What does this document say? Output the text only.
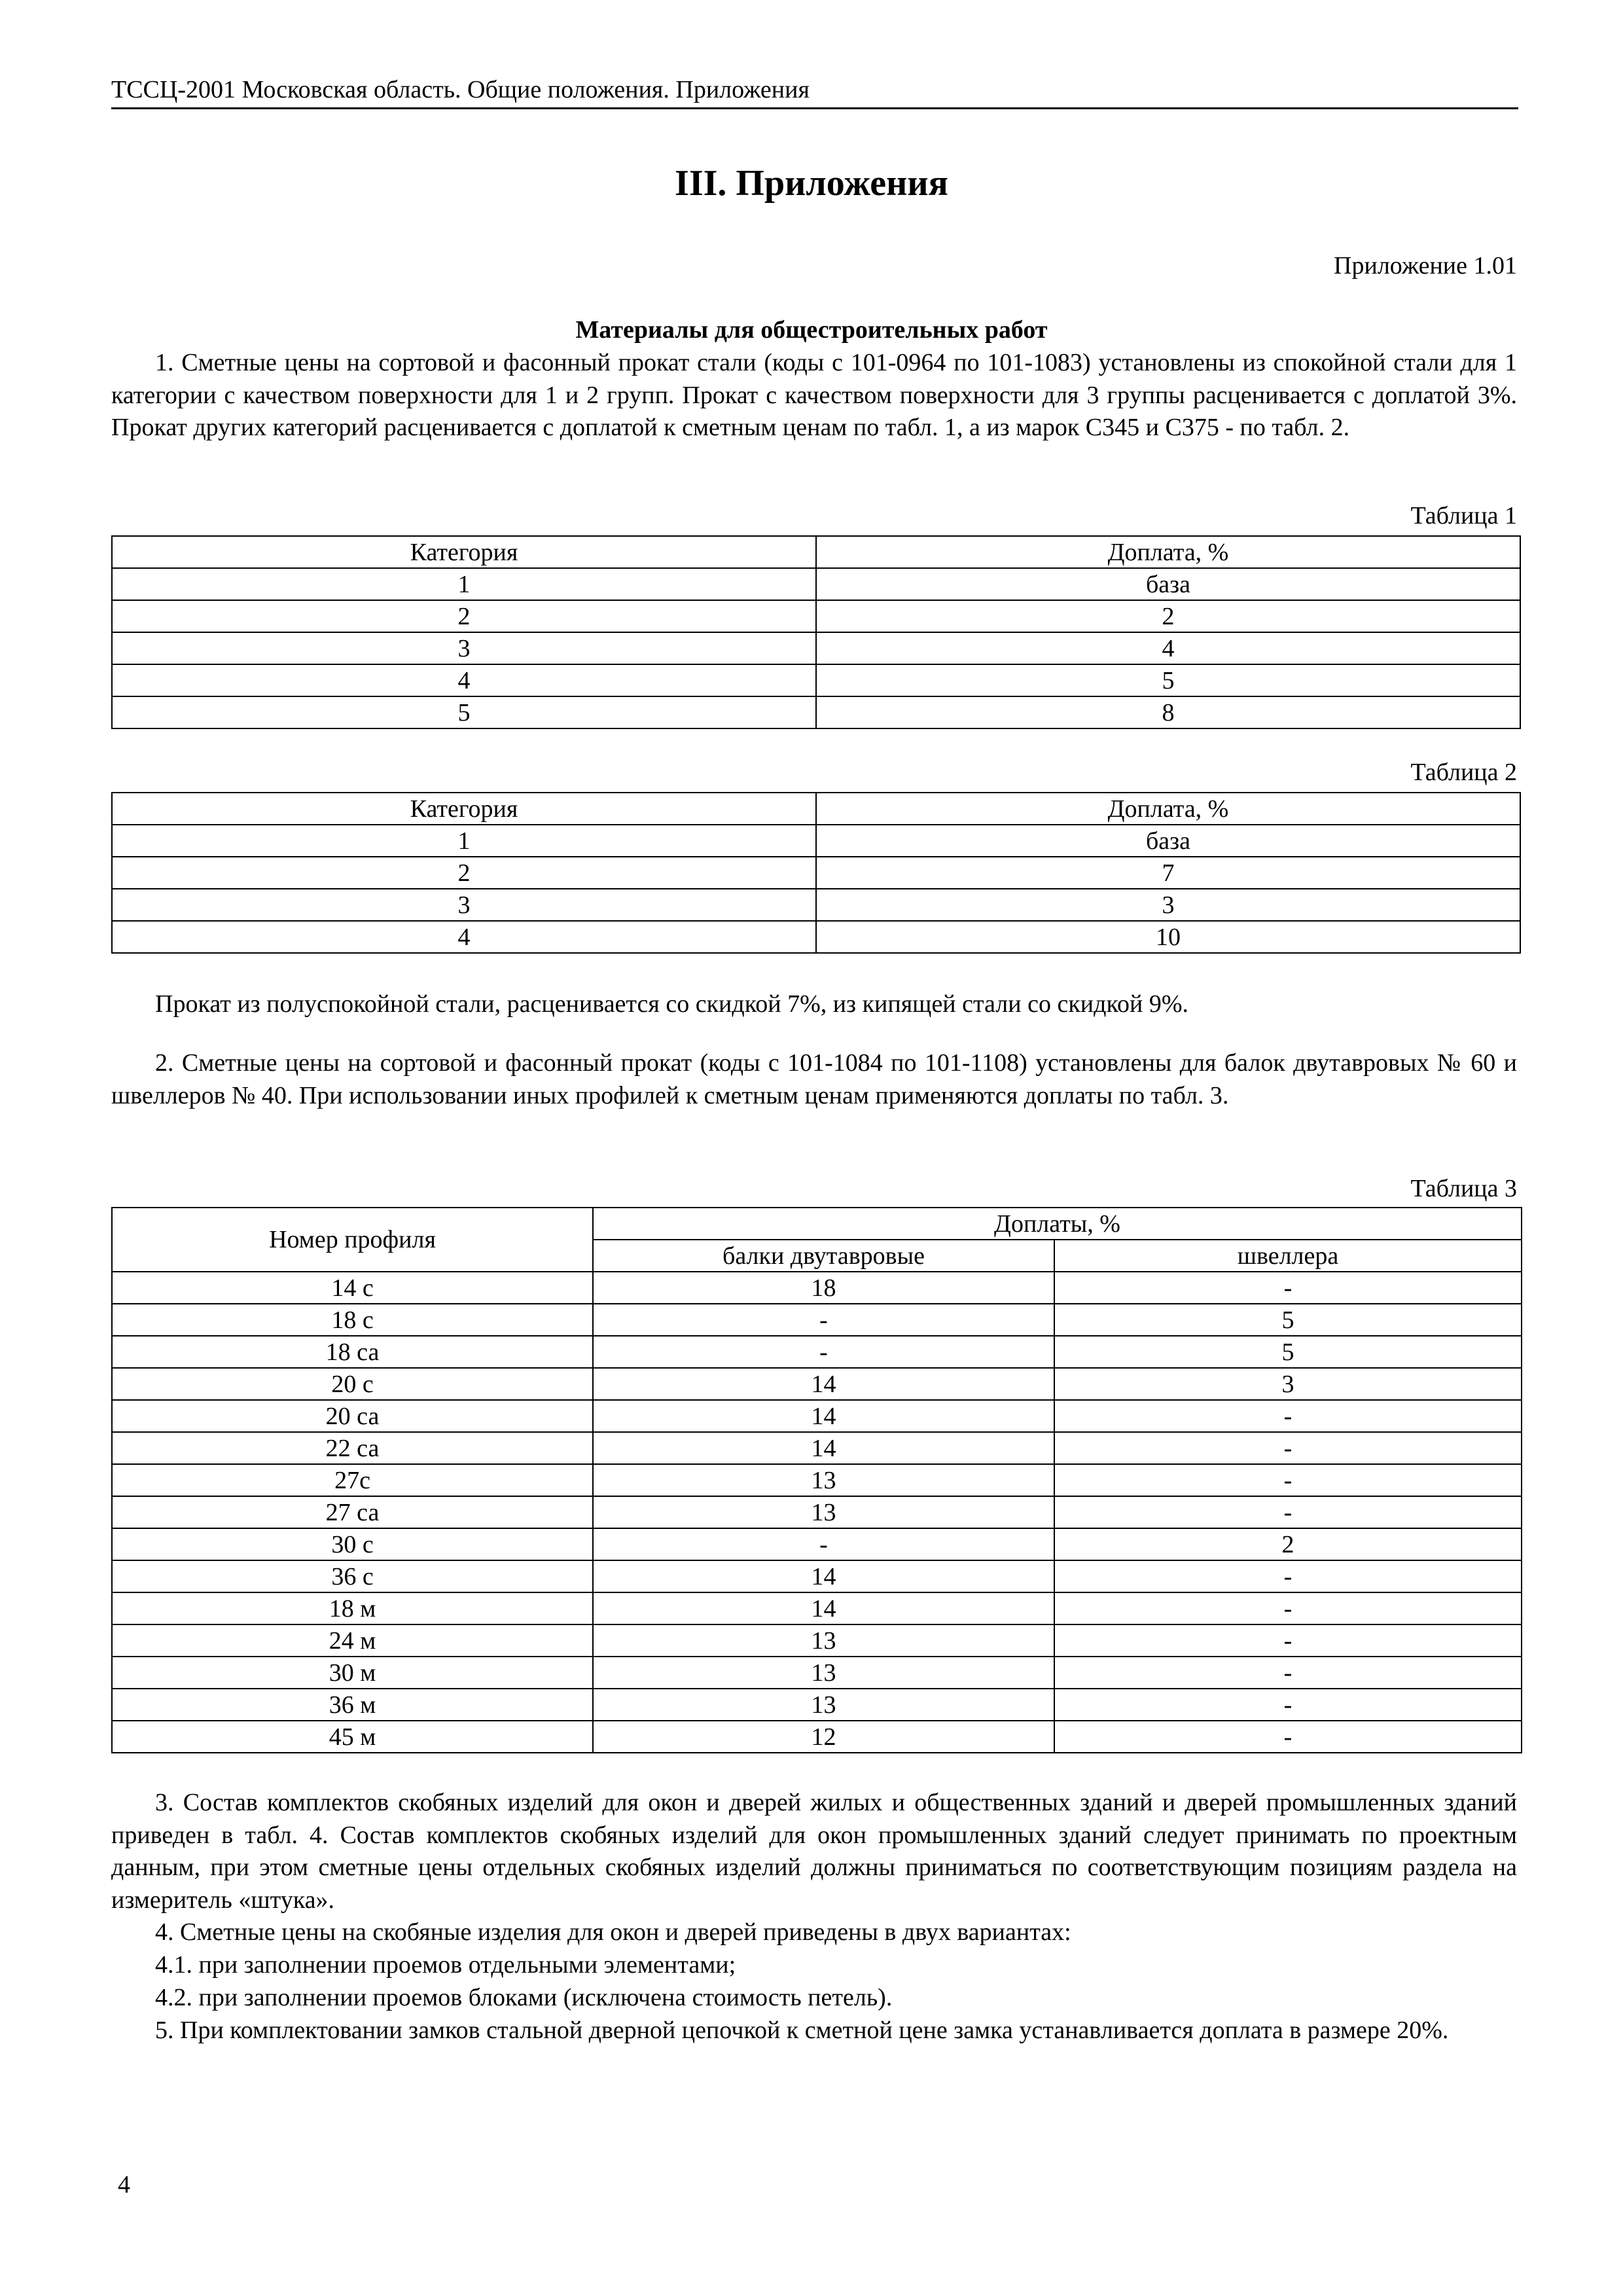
ТССЦ-2001 Московская область. Общие положения. Приложения
III. Приложения
Приложение 1.01
Материалы для общестроительных работ

1. Сметные цены на сортовой и фасонный прокат стали (коды с 101-0964 по 101-1083) установлены из спокойной стали для 1 категории с качеством поверхности для 1 и 2 групп. Прокат с качеством поверхности для 3 группы расценивается с доплатой 3%. Прокат других категорий расценивается с доплатой к сметным ценам по табл. 1, а из марок С345 и С375 - по табл. 2.

Таблица 1
Категория	Доплата, %
1	база
2	2
3	4
4	5
5	8
Таблица 2
Категория	Доплата, %
1	база
2	7
3	3
4	10

Прокат из полуспокойной стали, расценивается со скидкой 7%, из кипящей стали со скидкой 9%.

2. Сметные цены на сортовой и фасонный прокат (коды с 101-1084 по 101-1108) установлены для балок двутавровых № 60 и швеллеров № 40. При использовании иных профилей к сметным ценам применяются доплаты по табл. 3.

Таблица 3
Номер профиля	Доплаты, %	
	балки двутавровые	швеллера
14 с	18	-
18 с	-	5
18 са	-	5
20 с	14	3
20 са	14	-
22 са	14	-
27с	13	-
27 са	13	-
30 с	-	2
36 с	14	-
18 м	14	-
24 м	13	-
30 м	13	-
36 м	13	-
45 м	12	-

3. Состав комплектов скобяных изделий для окон и дверей жилых и общественных зданий и дверей промышленных зданий приведен в табл. 4. Состав комплектов скобяных изделий для окон промышленных зданий следует принимать по проектным данным, при этом сметные цены отдельных скобяных изделий должны приниматься по соответствующим позициям раздела на измеритель «штука».

4. Сметные цены на скобяные изделия для окон и дверей приведены в двух вариантах:

4.1. при заполнении проемов отдельными элементами;

4.2. при заполнении проемов блоками (исключена стоимость петель).

5. При комплектовании замков стальной дверной цепочкой к сметной цене замка устанавливается доплата в размере 20%.

4
